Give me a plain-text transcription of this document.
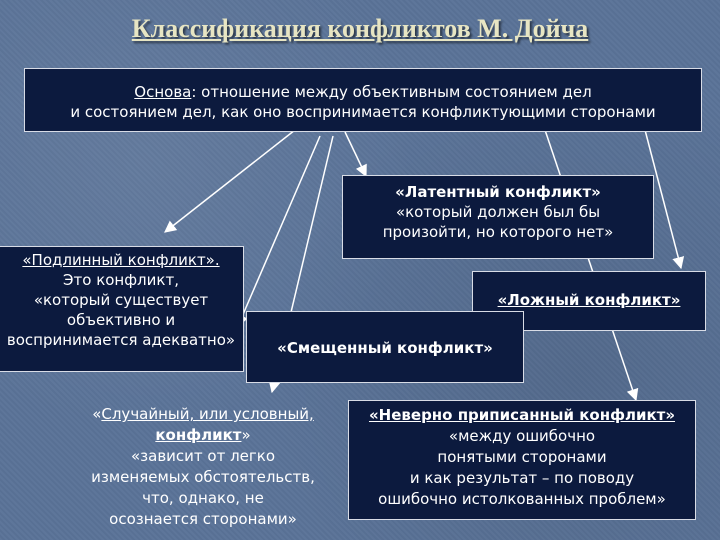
Классификация конфликтов М. Дойча
Основа: отношение между объективным состоянием дел
и состоянием дел, как оно воспринимается конфликтующими сторонами
«Латентный конфликт»
«который должен был бы
произойти, но которого нет»
«Подлинный конфликт».
Это конфликт,
«который существует
объективно и
воспринимается адекватно»
«Ложный конфликт»
«Смещенный конфликт»
«Случайный, или условный,
конфликт»
«зависит от легко
изменяемых обстоятельств,
что, однако, не
осознается сторонами»
«Неверно приписанный конфликт»
«между ошибочно
понятыми сторонами
и как результат – по поводу
ошибочно истолкованных проблем»
